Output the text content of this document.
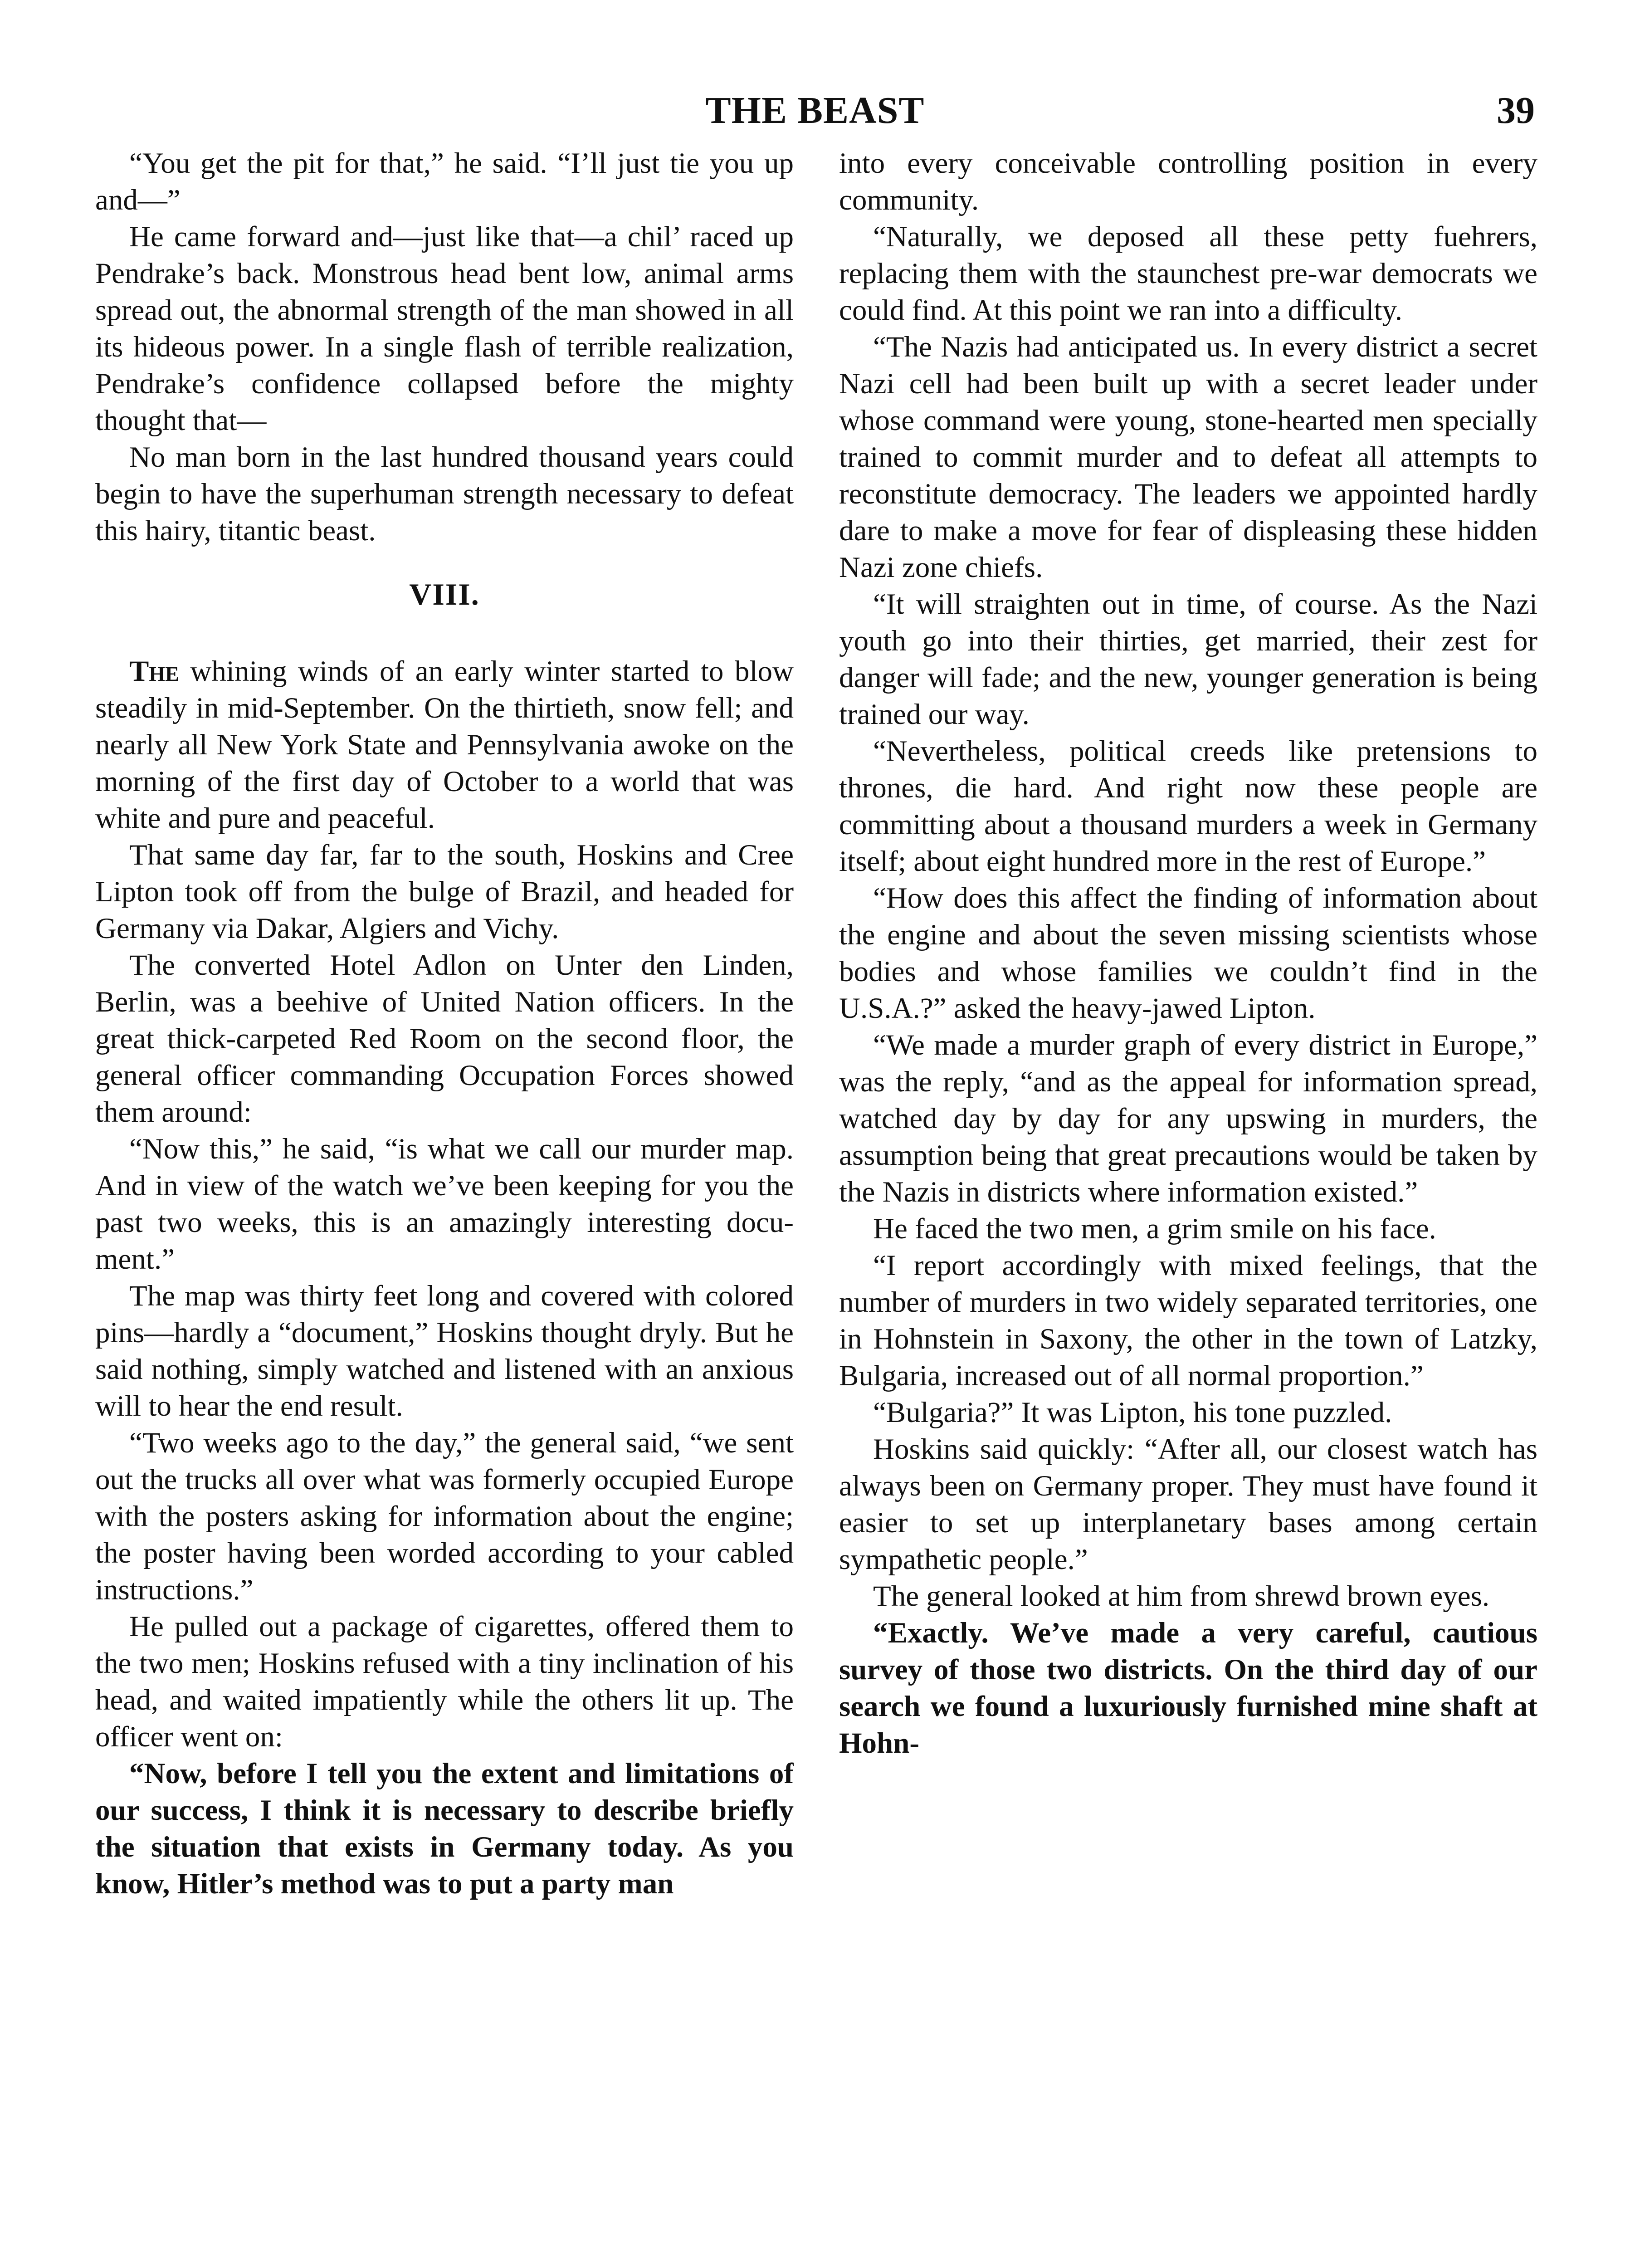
THE BEAST	39

“You get the pit for that,” he said. “I’ll just tie you up and—”

He came forward and—just like that—a chil’ raced up Pendrake’s back. Monstrous head bent low, animal arms spread out, the abnormal strength of the man showed in all its hideous power. In a single flash of terrible realization, Pendrake’s confidence collapsed before the mighty thought that—

No man born in the last hundred thousand years could begin to have the superhuman strength necessary to defeat this hairy, titantic beast.

VIII.

The whining winds of an early winter started to blow steadily in mid-September. On the thirtieth, snow fell; and nearly all New York State and Pennsylvania awoke on the morning of the first day of October to a world that was white and pure and peaceful.

That same day far, far to the south, Hoskins and Cree Lipton took off from the bulge of Brazil, and headed for Germany via Dakar, Algiers and Vichy.

The converted Hotel Adlon on Unter den Linden, Berlin, was a beehive of United Nation officers. In the great thick-carpeted Red Room on the second floor, the general officer commanding Occupation Forces showed them around:

“Now this,” he said, “is what we call our murder map. And in view of the watch we’ve been keeping for you the past two weeks, this is an amazingly interesting document.”

The map was thirty feet long and covered with colored pins—hardly a “document,” Hoskins thought dryly. But he said nothing, simply watched and listened with an anxious will to hear the end result.

“Two weeks ago to the day,” the general said, “we sent out the trucks all over what was formerly occupied Europe with the posters asking for information about the engine; the poster having been worded according to your cabled instructions.”

He pulled out a package of cigarettes, offered them to the two men; Hoskins refused with a tiny inclination of his head, and waited impatiently while the others lit up. The officer went on:

“Now, before I tell you the extent and limitations of our success, I think it is necessary to describe briefly the situation that exists in Germany today. As you know, Hitler’s method was to put a party man

into every conceivable controlling position in every community.

“Naturally, we deposed all these petty fuehrers, replacing them with the staunchest pre-war democrats we could find. At this point we ran into a difficulty.

“The Nazis had anticipated us. In every district a secret Nazi cell had been built up with a secret leader under whose command were young, stone-hearted men specially trained to commit murder and to defeat all attempts to reconstitute democracy. The leaders we appointed hardly dare to make a move for fear of displeasing these hidden Nazi zone chiefs.

“It will straighten out in time, of course. As the Nazi youth go into their thirties, get married, their zest for danger will fade; and the new, younger generation is being trained our way.

“Nevertheless, political creeds like pretensions to thrones, die hard. And right now these people are committing about a thousand murders a week in Germany itself; about eight hundred more in the rest of Europe.”

“How does this affect the finding of information about the engine and about the seven missing scientists whose bodies and whose families we couldn’t find in the U.S.A.?” asked the heavy-jawed Lipton.

“We made a murder graph of every district in Europe,” was the reply, “and as the appeal for information spread, watched day by day for any upswing in murders, the assumption being that great precautions would be taken by the Nazis in districts where information existed.”

He faced the two men, a grim smile on his face.

“I report accordingly with mixed feelings, that the number of murders in two widely separated territories, one in Hohnstein in Saxony, the other in the town of Latzky, Bulgaria, increased out of all normal proportion.”

“Bulgaria?” It was Lipton, his tone puzzled.

Hoskins said quickly: “After all, our closest watch has always been on Germany proper. They must have found it easier to set up interplanetary bases among certain sympathetic people.”

The general looked at him from shrewd brown eyes.

“Exactly. We’ve made a very careful, cautious survey of those two districts. On the third day of our search we found a luxuriously furnished mine shaft at Hohn-
